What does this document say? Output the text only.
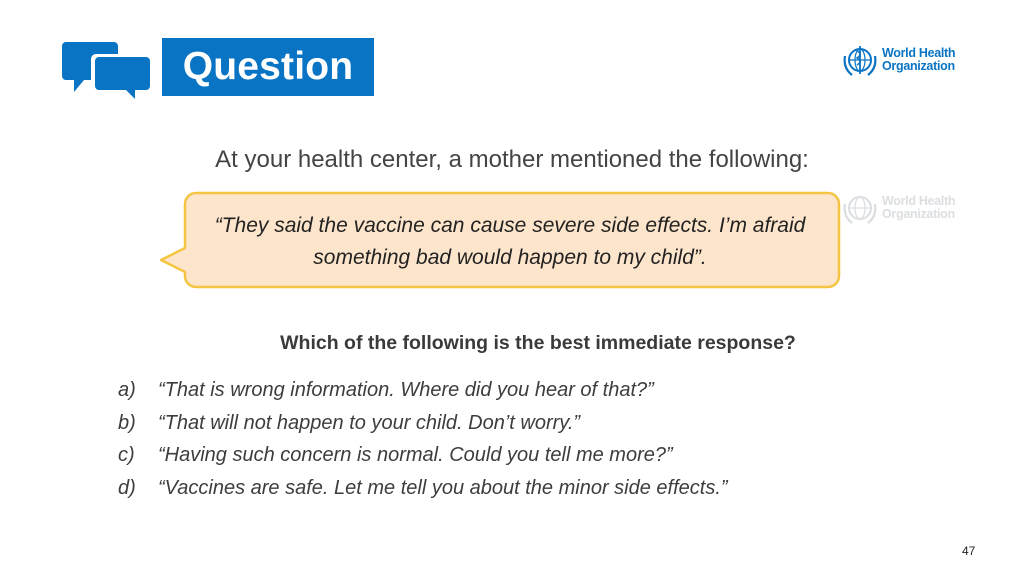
Question	World Health
Organization
At your health center, a mother mentioned the following:
“They said the vaccine can cause severe side effects. I’m afraid something bad would happen to my child”.
World Health
Organization
Which of the following is the best immediate response?
a)	“That is wrong information. Where did you hear of that?”
b)	“That will not happen to your child. Don’t worry.”
c)	“Having such concern is normal. Could you tell me more?”
d)	“Vaccines are safe. Let me tell you about the minor side effects.”
47
